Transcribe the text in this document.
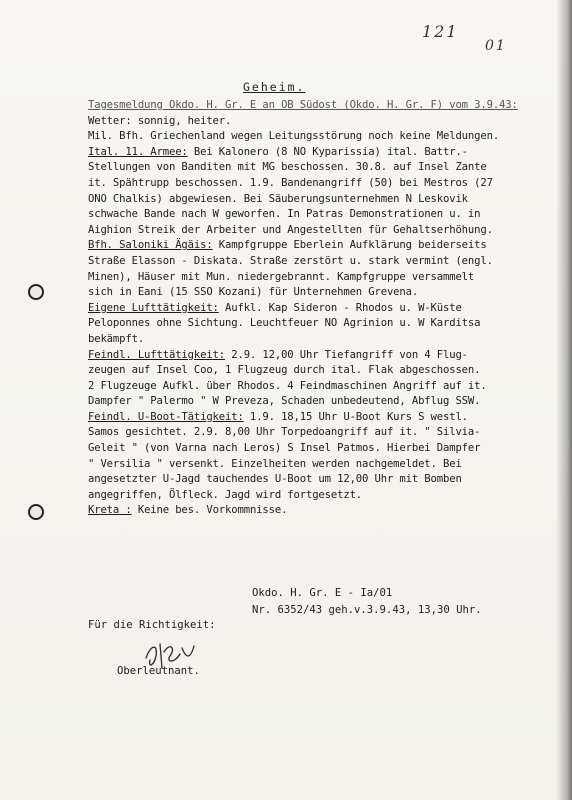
121
01
Geheim.
Tagesmeldung Okdo. H. Gr. E an OB Südost (Okdo. H. Gr. F) vom 3.9.43:
Wetter: sonnig, heiter.
Mil. Bfh. Griechenland wegen Leitungsstörung noch keine Meldungen.
Ital. 11. Armee: Bei Kalonero (8 NO Kyparissia) ital. Battr.-
Stellungen von Banditen mit MG beschossen. 30.8. auf Insel Zante
it. Spähtrupp beschossen. 1.9. Bandenangriff (50) bei Mestros (27
ONO Chalkis) abgewiesen. Bei Säuberungsunternehmen N Leskovik
schwache Bande nach W geworfen. In Patras Demonstrationen u. in
Aighion Streik der Arbeiter und Angestellten für Gehaltserhöhung.
Bfh. Saloniki Ägäis: Kampfgruppe Eberlein Aufklärung beiderseits
Straße Elasson - Diskata. Straße zerstört u. stark vermint (engl.
Minen), Häuser mit Mun. niedergebrannt. Kampfgruppe versammelt
sich in Eani (15 SSO Kozani) für Unternehmen Grevena.
Eigene Lufttätigkeit: Aufkl. Kap Sideron - Rhodos u. W-Küste
Peloponnes ohne Sichtung. Leuchtfeuer NO Agrinion u. W Karditsa
bekämpft.
Feindl. Lufttätigkeit: 2.9. 12,00 Uhr Tiefangriff von 4 Flug-
zeugen auf Insel Coo, 1 Flugzeug durch ital. Flak abgeschossen.
2 Flugzeuge Aufkl. über Rhodos. 4 Feindmaschinen Angriff auf it.
Dampfer " Palermo " W Preveza, Schaden unbedeutend, Abflug SSW.
Feindl. U-Boot-Tätigkeit: 1.9. 18,15 Uhr U-Boot Kurs S westl.
Samos gesichtet. 2.9. 8,00 Uhr Torpedoangriff auf it. " Silvia-
Geleit " (von Varna nach Leros) S Insel Patmos. Hierbei Dampfer
" Versilia " versenkt. Einzelheiten werden nachgemeldet. Bei
angesetzter U-Jagd tauchendes U-Boot um 12,00 Uhr mit Bomben
angegriffen, Ölfleck. Jagd wird fortgesetzt.
Kreta : Keine bes. Vorkommnisse.
Okdo. H. Gr. E - Ia/01
Nr. 6352/43 geh.v.3.9.43, 13,30 Uhr.
Für die Richtigkeit:
Oberleutnant.
